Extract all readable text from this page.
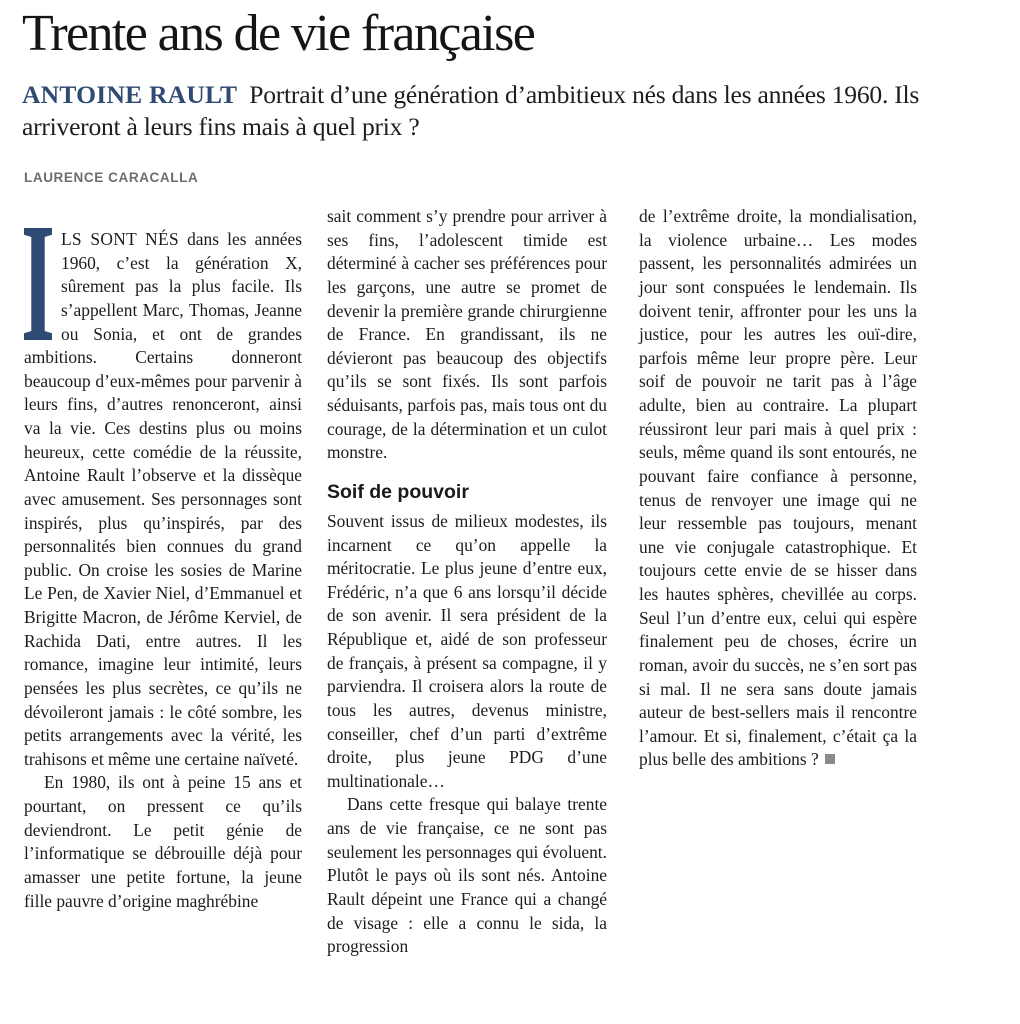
Trente ans de vie française

ANTOINE RAULT Portrait d’une génération d’ambitieux nés dans les années 1960. Ils arriveront à leurs fins mais à quel prix ?

LAURENCE CARACALLA

LS SONT NÉS dans les années 1960, c’est la génération X, sûrement pas la plus facile. Ils s’appellent Marc, Thomas, Jeanne ou Sonia, et ont de grandes ambitions. Certains donneront beaucoup d’eux-mêmes pour parvenir à leurs fins, d’autres renonceront, ainsi va la vie. Ces destins plus ou moins heureux, cette comédie de la réussite, Antoine Rault l’observe et la dissèque avec amusement. Ses personnages sont inspirés, plus qu’inspirés, par des personnalités bien connues du grand public. On croise les sosies de Marine Le Pen, de Xavier Niel, d’Emmanuel et Brigitte Macron, de Jérôme Kerviel, de Rachida Dati, entre autres. Il les romance, imagine leur intimité, leurs pensées les plus secrètes, ce qu’ils ne dévoileront jamais : le côté sombre, les petits arrangements avec la vérité, les trahisons et même une certaine naïveté.

En 1980, ils ont à peine 15 ans et pourtant, on pressent ce qu’ils deviendront. Le petit génie de l’informatique se débrouille déjà pour amasser une petite fortune, la jeune fille pauvre d’origine maghrébine

sait comment s’y prendre pour arriver à ses fins, l’adolescent timide est déterminé à cacher ses préférences pour les garçons, une autre se promet de devenir la première grande chirurgienne de France. En grandissant, ils ne dévieront pas beaucoup des objectifs qu’ils se sont fixés. Ils sont parfois séduisants, parfois pas, mais tous ont du courage, de la détermination et un culot monstre.

Soif de pouvoir

Souvent issus de milieux modestes, ils incarnent ce qu’on appelle la méritocratie. Le plus jeune d’entre eux, Frédéric, n’a que 6 ans lorsqu’il décide de son avenir. Il sera président de la République et, aidé de son professeur de français, à présent sa compagne, il y parviendra. Il croisera alors la route de tous les autres, devenus ministre, conseiller, chef d’un parti d’extrême droite, plus jeune PDG d’une multinationale…

Dans cette fresque qui balaye trente ans de vie française, ce ne sont pas seulement les personnages qui évoluent. Plutôt le pays où ils sont nés. Antoine Rault dépeint une France qui a changé de visage : elle a connu le sida, la progression

de l’extrême droite, la mondialisation, la violence urbaine… Les modes passent, les personnalités admirées un jour sont conspuées le lendemain. Ils doivent tenir, affronter pour les uns la justice, pour les autres les ouï-dire, parfois même leur propre père. Leur soif de pouvoir ne tarit pas à l’âge adulte, bien au contraire. La plupart réussiront leur pari mais à quel prix : seuls, même quand ils sont entourés, ne pouvant faire confiance à personne, tenus de renvoyer une image qui ne leur ressemble pas toujours, menant une vie conjugale catastrophique. Et toujours cette envie de se hisser dans les hautes sphères, chevillée au corps. Seul l’un d’entre eux, celui qui espère finalement peu de choses, écrire un roman, avoir du succès, ne s’en sort pas si mal. Il ne sera sans doute jamais auteur de best-sellers mais il rencontre l’amour. Et si, finalement, c’était ça la plus belle des ambitions ?
